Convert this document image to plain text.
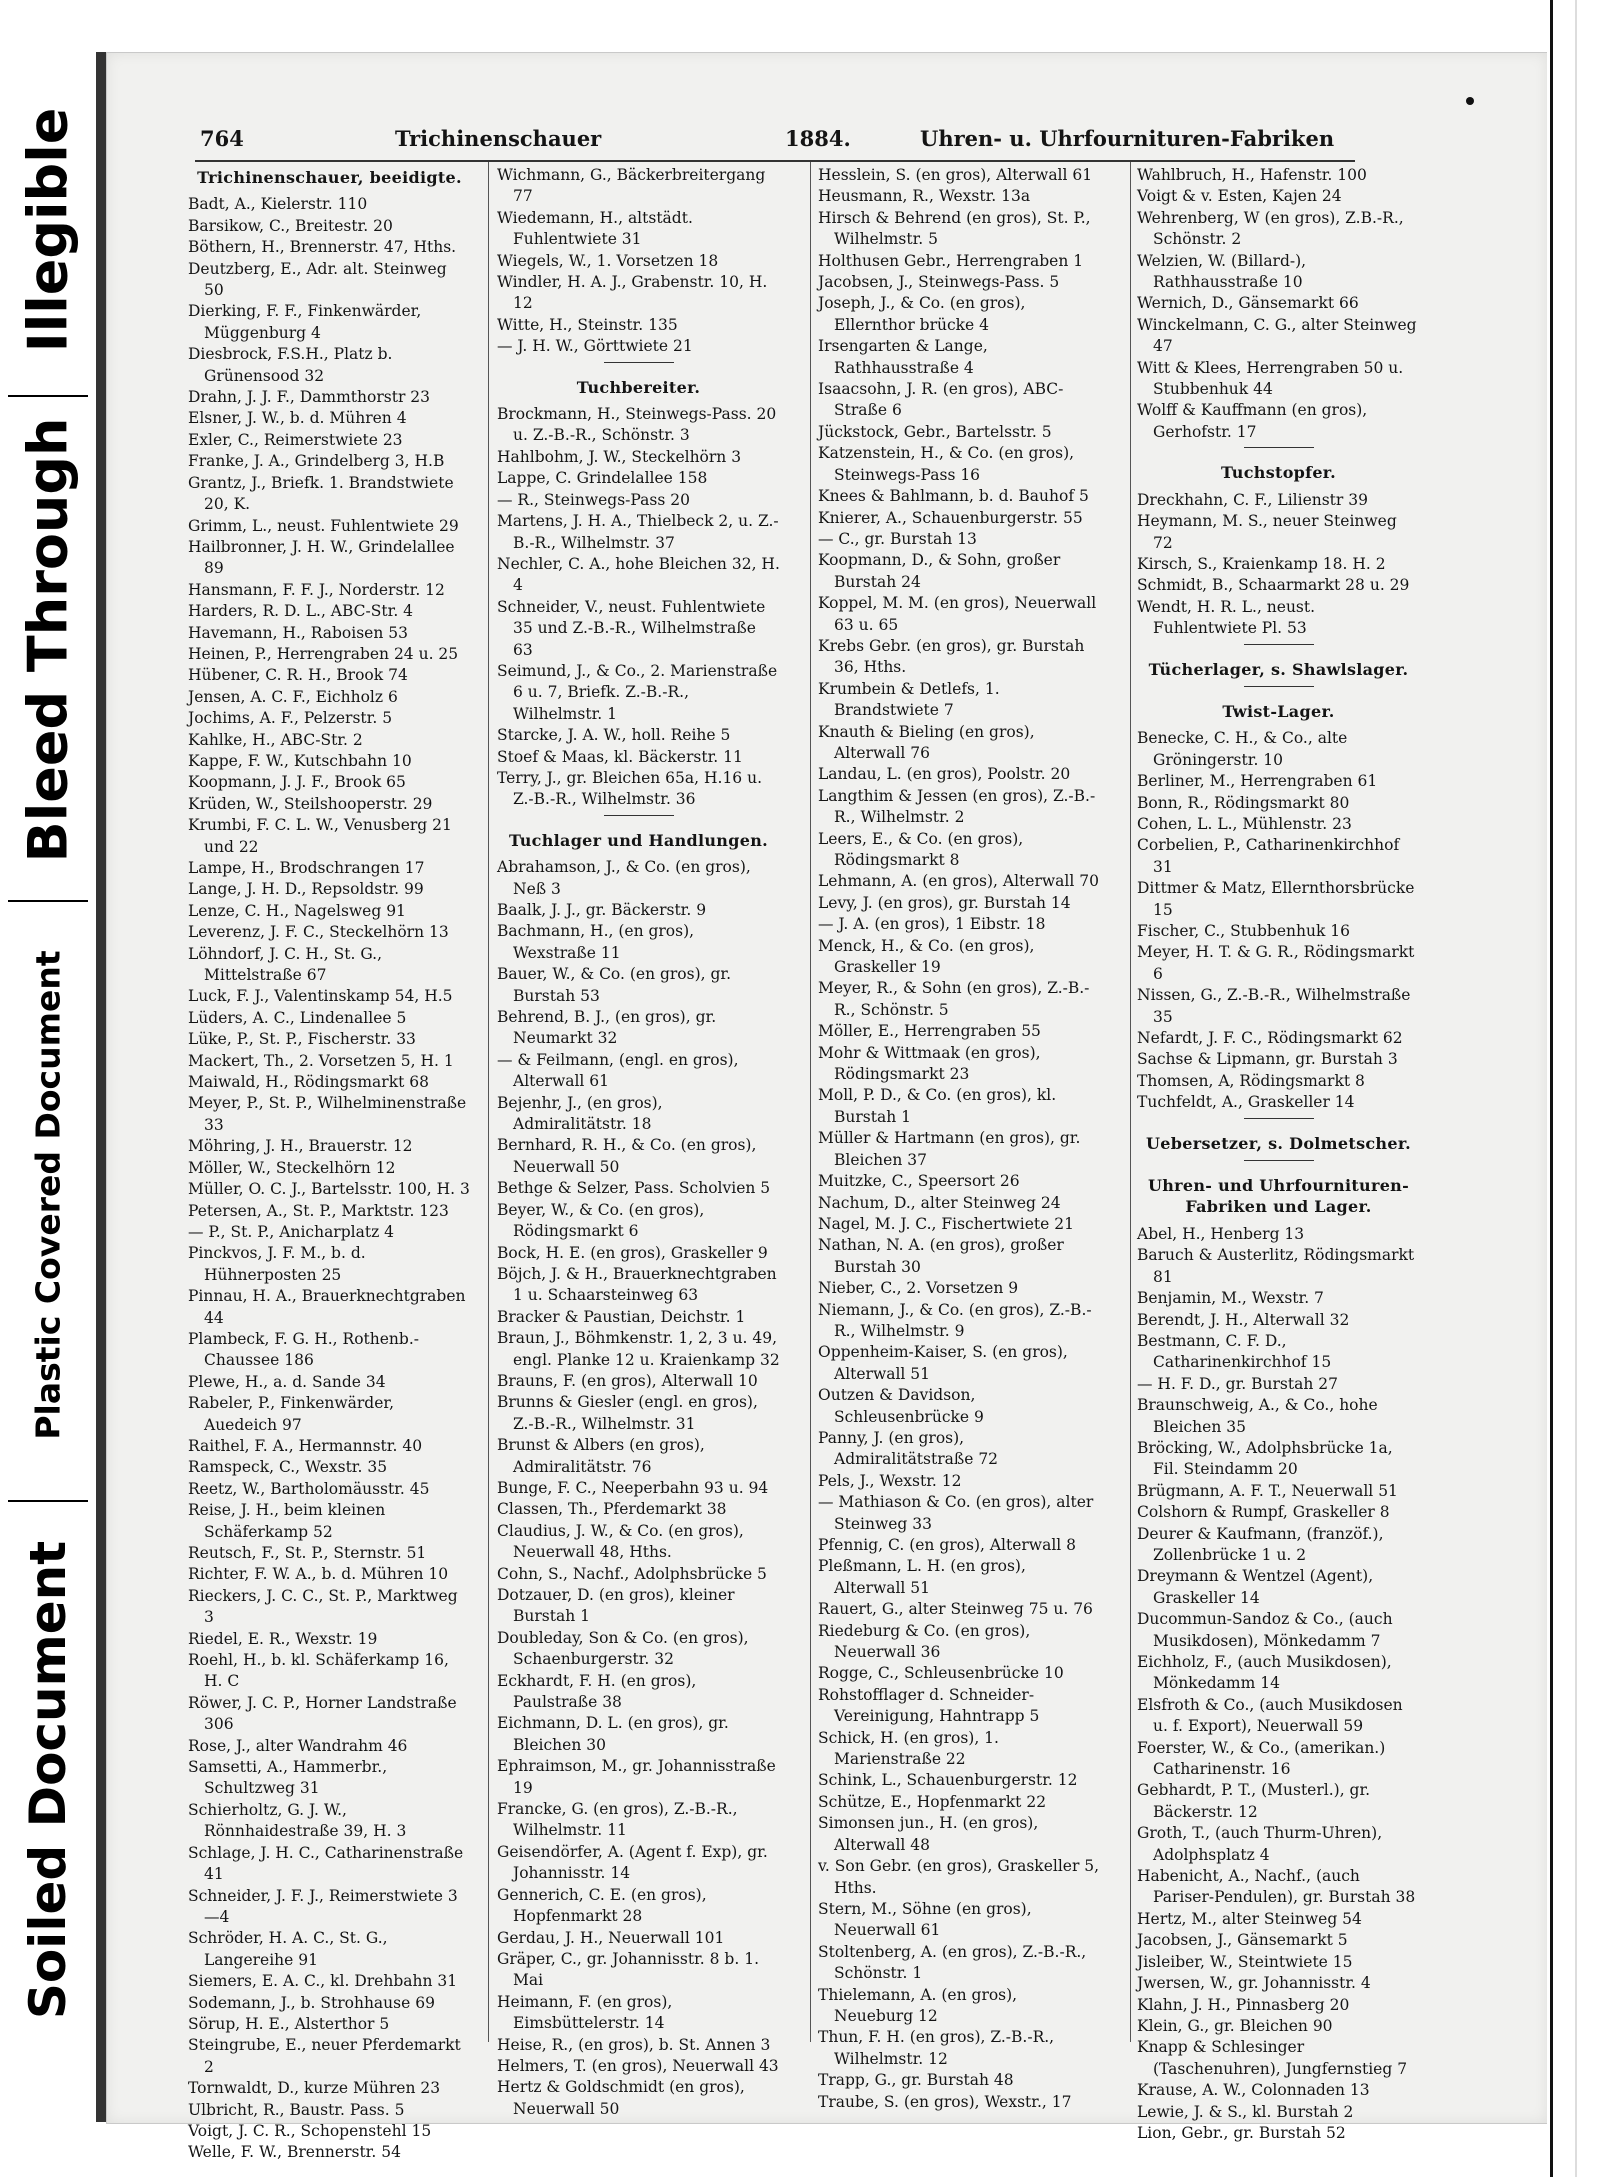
Illegible
Bleed Through
Plastic Covered Document
Soiled Document
764	Trichinenschauer	1884.	Uhren- u. Uhrfournituren-Fabriken
Trichinenschauer, beeidigte.

Badt, A., Kielerstr. 110

Barsikow, C., Breitestr. 20

Böthern, H., Brennerstr. 47, Hths.

Deutzberg, E., Adr. alt. Steinweg 50

Dierking, F. F., Finkenwärder, Müggenburg 4

Diesbrock, F.S.H., Platz b. Grünensood 32

Drahn, J. J. F., Dammthorstr 23

Elsner, J. W., b. d. Mühren 4

Exler, C., Reimerstwiete 23

Franke, J. A., Grindelberg 3, H.B

Grantz, J., Briefk. 1. Brandstwiete 20, K.

Grimm, L., neust. Fuhlentwiete 29

Hailbronner, J. H. W., Grindelallee 89

Hansmann, F. F. J., Norderstr. 12

Harders, R. D. L., ABC-Str. 4

Havemann, H., Raboisen 53

Heinen, P., Herrengraben 24 u. 25

Hübener, C. R. H., Brook 74

Jensen, A. C. F., Eichholz 6

Jochims, A. F., Pelzerstr. 5

Kahlke, H., ABC-Str. 2

Kappe, F. W., Kutschbahn 10

Koopmann, J. J. F., Brook 65

Krüden, W., Steilshooperstr. 29

Krumbi, F. C. L. W., Venusberg 21 und 22

Lampe, H., Brodschrangen 17

Lange, J. H. D., Repsoldstr. 99

Lenze, C. H., Nagelsweg 91

Leverenz, J. F. C., Steckelhörn 13

Löhndorf, J. C. H., St. G., Mittelstraße 67

Luck, F. J., Valentinskamp 54, H.5

Lüders, A. C., Lindenallee 5

Lüke, P., St. P., Fischerstr. 33

Mackert, Th., 2. Vorsetzen 5, H. 1

Maiwald, H., Rödingsmarkt 68

Meyer, P., St. P., Wilhelminenstraße 33

Möhring, J. H., Brauerstr. 12

Möller, W., Steckelhörn 12

Müller, O. C. J., Bartelsstr. 100, H. 3

Petersen, A., St. P., Marktstr. 123

— P., St. P., Anicharplatz 4

Pinckvos, J. F. M., b. d. Hühnerposten 25

Pinnau, H. A., Brauerknechtgraben 44

Plambeck, F. G. H., Rothenb.-Chaussee 186

Plewe, H., a. d. Sande 34

Rabeler, P., Finkenwärder, Auedeich 97

Raithel, F. A., Hermannstr. 40

Ramspeck, C., Wexstr. 35

Reetz, W., Bartholomäusstr. 45

Reise, J. H., beim kleinen Schäferkamp 52

Reutsch, F., St. P., Sternstr. 51

Richter, F. W. A., b. d. Mühren 10

Rieckers, J. C. C., St. P., Marktweg 3

Riedel, E. R., Wexstr. 19

Roehl, H., b. kl. Schäferkamp 16, H. C

Röwer, J. C. P., Horner Landstraße 306

Rose, J., alter Wandrahm 46

Samsetti, A., Hammerbr., Schultzweg 31

Schierholtz, G. J. W., Rönnhaidestraße 39, H. 3

Schlage, J. H. C., Catharinenstraße 41

Schneider, J. F. J., Reimerstwiete 3—4

Schröder, H. A. C., St. G., Langereihe 91

Siemers, E. A. C., kl. Drehbahn 31

Sodemann, J., b. Strohhause 69

Sörup, H. E., Alsterthor 5

Steingrube, E., neuer Pferdemarkt 2

Tornwaldt, D., kurze Mühren 23

Ulbricht, R., Baustr. Pass. 5

Voigt, J. C. R., Schopenstehl 15

Welle, F. W., Brennerstr. 54

Wichmann, G., Bäckerbreitergang 77

Wiedemann, H., altstädt. Fuhlentwiete 31

Wiegels, W., 1. Vorsetzen 18

Windler, H. A. J., Grabenstr. 10, H. 12

Witte, H., Steinstr. 135

— J. H. W., Görttwiete 21

Tuchbereiter.

Brockmann, H., Steinwegs-Pass. 20 u. Z.-B.-R., Schönstr. 3

Hahlbohm, J. W., Steckelhörn 3

Lappe, C. Grindelallee 158

— R., Steinwegs-Pass 20

Martens, J. H. A., Thielbeck 2, u. Z.-B.-R., Wilhelmstr. 37

Nechler, C. A., hohe Bleichen 32, H. 4

Schneider, V., neust. Fuhlentwiete 35 und Z.-B.-R., Wilhelmstraße 63

Seimund, J., & Co., 2. Marienstraße 6 u. 7, Briefk. Z.-B.-R., Wilhelmstr. 1

Starcke, J. A. W., holl. Reihe 5

Stoef & Maas, kl. Bäckerstr. 11

Terry, J., gr. Bleichen 65a, H.16 u. Z.-B.-R., Wilhelmstr. 36

Tuchlager und Handlungen.

Abrahamson, J., & Co. (en gros), Neß 3

Baalk, J. J., gr. Bäckerstr. 9

Bachmann, H., (en gros), Wexstraße 11

Bauer, W., & Co. (en gros), gr. Burstah 53

Behrend, B. J., (en gros), gr. Neumarkt 32

— & Feilmann, (engl. en gros), Alterwall 61

Bejenhr, J., (en gros), Admiralitätstr. 18

Bernhard, R. H., & Co. (en gros), Neuerwall 50

Bethge & Selzer, Pass. Scholvien 5

Beyer, W., & Co. (en gros), Rödingsmarkt 6

Bock, H. E. (en gros), Graskeller 9

Böjch, J. & H., Brauerknechtgraben 1 u. Schaarsteinweg 63

Bracker & Paustian, Deichstr. 1

Braun, J., Böhmkenstr. 1, 2, 3 u. 49, engl. Planke 12 u. Kraienkamp 32

Brauns, F. (en gros), Alterwall 10

Brunns & Giesler (engl. en gros), Z.-B.-R., Wilhelmstr. 31

Brunst & Albers (en gros), Admiralitätstr. 76

Bunge, F. C., Neeperbahn 93 u. 94

Classen, Th., Pferdemarkt 38

Claudius, J. W., & Co. (en gros), Neuerwall 48, Hths.

Cohn, S., Nachf., Adolphsbrücke 5

Dotzauer, D. (en gros), kleiner Burstah 1

Doubleday, Son & Co. (en gros), Schaenburgerstr. 32

Eckhardt, F. H. (en gros), Paulstraße 38

Eichmann, D. L. (en gros), gr. Bleichen 30

Ephraimson, M., gr. Johannisstraße 19

Francke, G. (en gros), Z.-B.-R., Wilhelmstr. 11

Geisendörfer, A. (Agent f. Exp), gr. Johannisstr. 14

Gennerich, C. E. (en gros), Hopfenmarkt 28

Gerdau, J. H., Neuerwall 101

Gräper, C., gr. Johannisstr. 8 b. 1. Mai

Heimann, F. (en gros), Eimsbüttelerstr. 14

Heise, R., (en gros), b. St. Annen 3

Helmers, T. (en gros), Neuerwall 43

Hertz & Goldschmidt (en gros), Neuerwall 50

Hesslein, S. (en gros), Alterwall 61

Heusmann, R., Wexstr. 13a

Hirsch & Behrend (en gros), St. P., Wilhelmstr. 5

Holthusen Gebr., Herrengraben 1

Jacobsen, J., Steinwegs-Pass. 5

Joseph, J., & Co. (en gros), Ellernthor brücke 4

Irsengarten & Lange, Rathhausstraße 4

Isaacsohn, J. R. (en gros), ABC-Straße 6

Jückstock, Gebr., Bartelsstr. 5

Katzenstein, H., & Co. (en gros), Steinwegs-Pass 16

Knees & Bahlmann, b. d. Bauhof 5

Knierer, A., Schauenburgerstr. 55

— C., gr. Burstah 13

Koopmann, D., & Sohn, großer Burstah 24

Koppel, M. M. (en gros), Neuerwall 63 u. 65

Krebs Gebr. (en gros), gr. Burstah 36, Hths.

Krumbein & Detlefs, 1. Brandstwiete 7

Knauth & Bieling (en gros), Alterwall 76

Landau, L. (en gros), Poolstr. 20

Langthim & Jessen (en gros), Z.-B.-R., Wilhelmstr. 2

Leers, E., & Co. (en gros), Rödingsmarkt 8

Lehmann, A. (en gros), Alterwall 70

Levy, J. (en gros), gr. Burstah 14

— J. A. (en gros), 1 Eibstr. 18

Menck, H., & Co. (en gros), Graskeller 19

Meyer, R., & Sohn (en gros), Z.-B.-R., Schönstr. 5

Möller, E., Herrengraben 55

Mohr & Wittmaak (en gros), Rödingsmarkt 23

Moll, P. D., & Co. (en gros), kl. Burstah 1

Müller & Hartmann (en gros), gr. Bleichen 37

Muitzke, C., Speersort 26

Nachum, D., alter Steinweg 24

Nagel, M. J. C., Fischertwiete 21

Nathan, N. A. (en gros), großer Burstah 30

Nieber, C., 2. Vorsetzen 9

Niemann, J., & Co. (en gros), Z.-B.-R., Wilhelmstr. 9

Oppenheim-Kaiser, S. (en gros), Alterwall 51

Outzen & Davidson, Schleusenbrücke 9

Panny, J. (en gros), Admiralitätstraße 72

Pels, J., Wexstr. 12

— Mathiason & Co. (en gros), alter Steinweg 33

Pfennig, C. (en gros), Alterwall 8

Pleßmann, L. H. (en gros), Alterwall 51

Rauert, G., alter Steinweg 75 u. 76

Riedeburg & Co. (en gros), Neuerwall 36

Rogge, C., Schleusenbrücke 10

Rohstofflager d. Schneider-Vereinigung, Hahntrapp 5

Schick, H. (en gros), 1. Marienstraße 22

Schink, L., Schauenburgerstr. 12

Schütze, E., Hopfenmarkt 22

Simonsen jun., H. (en gros), Alterwall 48

v. Son Gebr. (en gros), Graskeller 5, Hths.

Stern, M., Söhne (en gros), Neuerwall 61

Stoltenberg, A. (en gros), Z.-B.-R., Schönstr. 1

Thielemann, A. (en gros), Neueburg 12

Thun, F. H. (en gros), Z.-B.-R., Wilhelmstr. 12

Trapp, G., gr. Burstah 48

Traube, S. (en gros), Wexstr., 17

Wahlbruch, H., Hafenstr. 100

Voigt & v. Esten, Kajen 24

Wehrenberg, W (en gros), Z.B.-R., Schönstr. 2

Welzien, W. (Billard-), Rathhausstraße 10

Wernich, D., Gänsemarkt 66

Winckelmann, C. G., alter Steinweg 47

Witt & Klees, Herrengraben 50 u. Stubbenhuk 44

Wolff & Kauffmann (en gros), Gerhofstr. 17

Tuchstopfer.

Dreckhahn, C. F., Lilienstr 39

Heymann, M. S., neuer Steinweg 72

Kirsch, S., Kraienkamp 18. H. 2

Schmidt, B., Schaarmarkt 28 u. 29

Wendt, H. R. L., neust. Fuhlentwiete Pl. 53

Tücherlager, s. Shawlslager.
Twist-Lager.

Benecke, C. H., & Co., alte Gröningerstr. 10

Berliner, M., Herrengraben 61

Bonn, R., Rödingsmarkt 80

Cohen, L. L., Mühlenstr. 23

Corbelien, P., Catharinenkirchhof 31

Dittmer & Matz, Ellernthorsbrücke 15

Fischer, C., Stubbenhuk 16

Meyer, H. T. & G. R., Rödingsmarkt 6

Nissen, G., Z.-B.-R., Wilhelmstraße 35

Nefardt, J. F. C., Rödingsmarkt 62

Sachse & Lipmann, gr. Burstah 3

Thomsen, A, Rödingsmarkt 8

Tuchfeldt, A., Graskeller 14

Uebersetzer, s. Dolmetscher.
Uhren- und Uhrfournituren-Fabriken und Lager.

Abel, H., Henberg 13

Baruch & Austerlitz, Rödingsmarkt 81

Benjamin, M., Wexstr. 7

Berendt, J. H., Alterwall 32

Bestmann, C. F. D., Catharinenkirchhof 15

— H. F. D., gr. Burstah 27

Braunschweig, A., & Co., hohe Bleichen 35

Bröcking, W., Adolphsbrücke 1a, Fil. Steindamm 20

Brügmann, A. F. T., Neuerwall 51

Colshorn & Rumpf, Graskeller 8

Deurer & Kaufmann, (franzöf.), Zollenbrücke 1 u. 2

Dreymann & Wentzel (Agent), Graskeller 14

Ducommun-Sandoz & Co., (auch Musikdosen), Mönkedamm 7

Eichholz, F., (auch Musikdosen), Mönkedamm 14

Elsfroth & Co., (auch Musikdosen u. f. Export), Neuerwall 59

Foerster, W., & Co., (amerikan.) Catharinenstr. 16

Gebhardt, P. T., (Musterl.), gr. Bäckerstr. 12

Groth, T., (auch Thurm-Uhren), Adolphsplatz 4

Habenicht, A., Nachf., (auch Pariser-Pendulen), gr. Burstah 38

Hertz, M., alter Steinweg 54

Jacobsen, J., Gänsemarkt 5

Jisleiber, W., Steintwiete 15

Jwersen, W., gr. Johannisstr. 4

Klahn, J. H., Pinnasberg 20

Klein, G., gr. Bleichen 90

Knapp & Schlesinger (Taschenuhren), Jungfernstieg 7

Krause, A. W., Colonnaden 13

Lewie, J. & S., kl. Burstah 2

Lion, Gebr., gr. Burstah 52
